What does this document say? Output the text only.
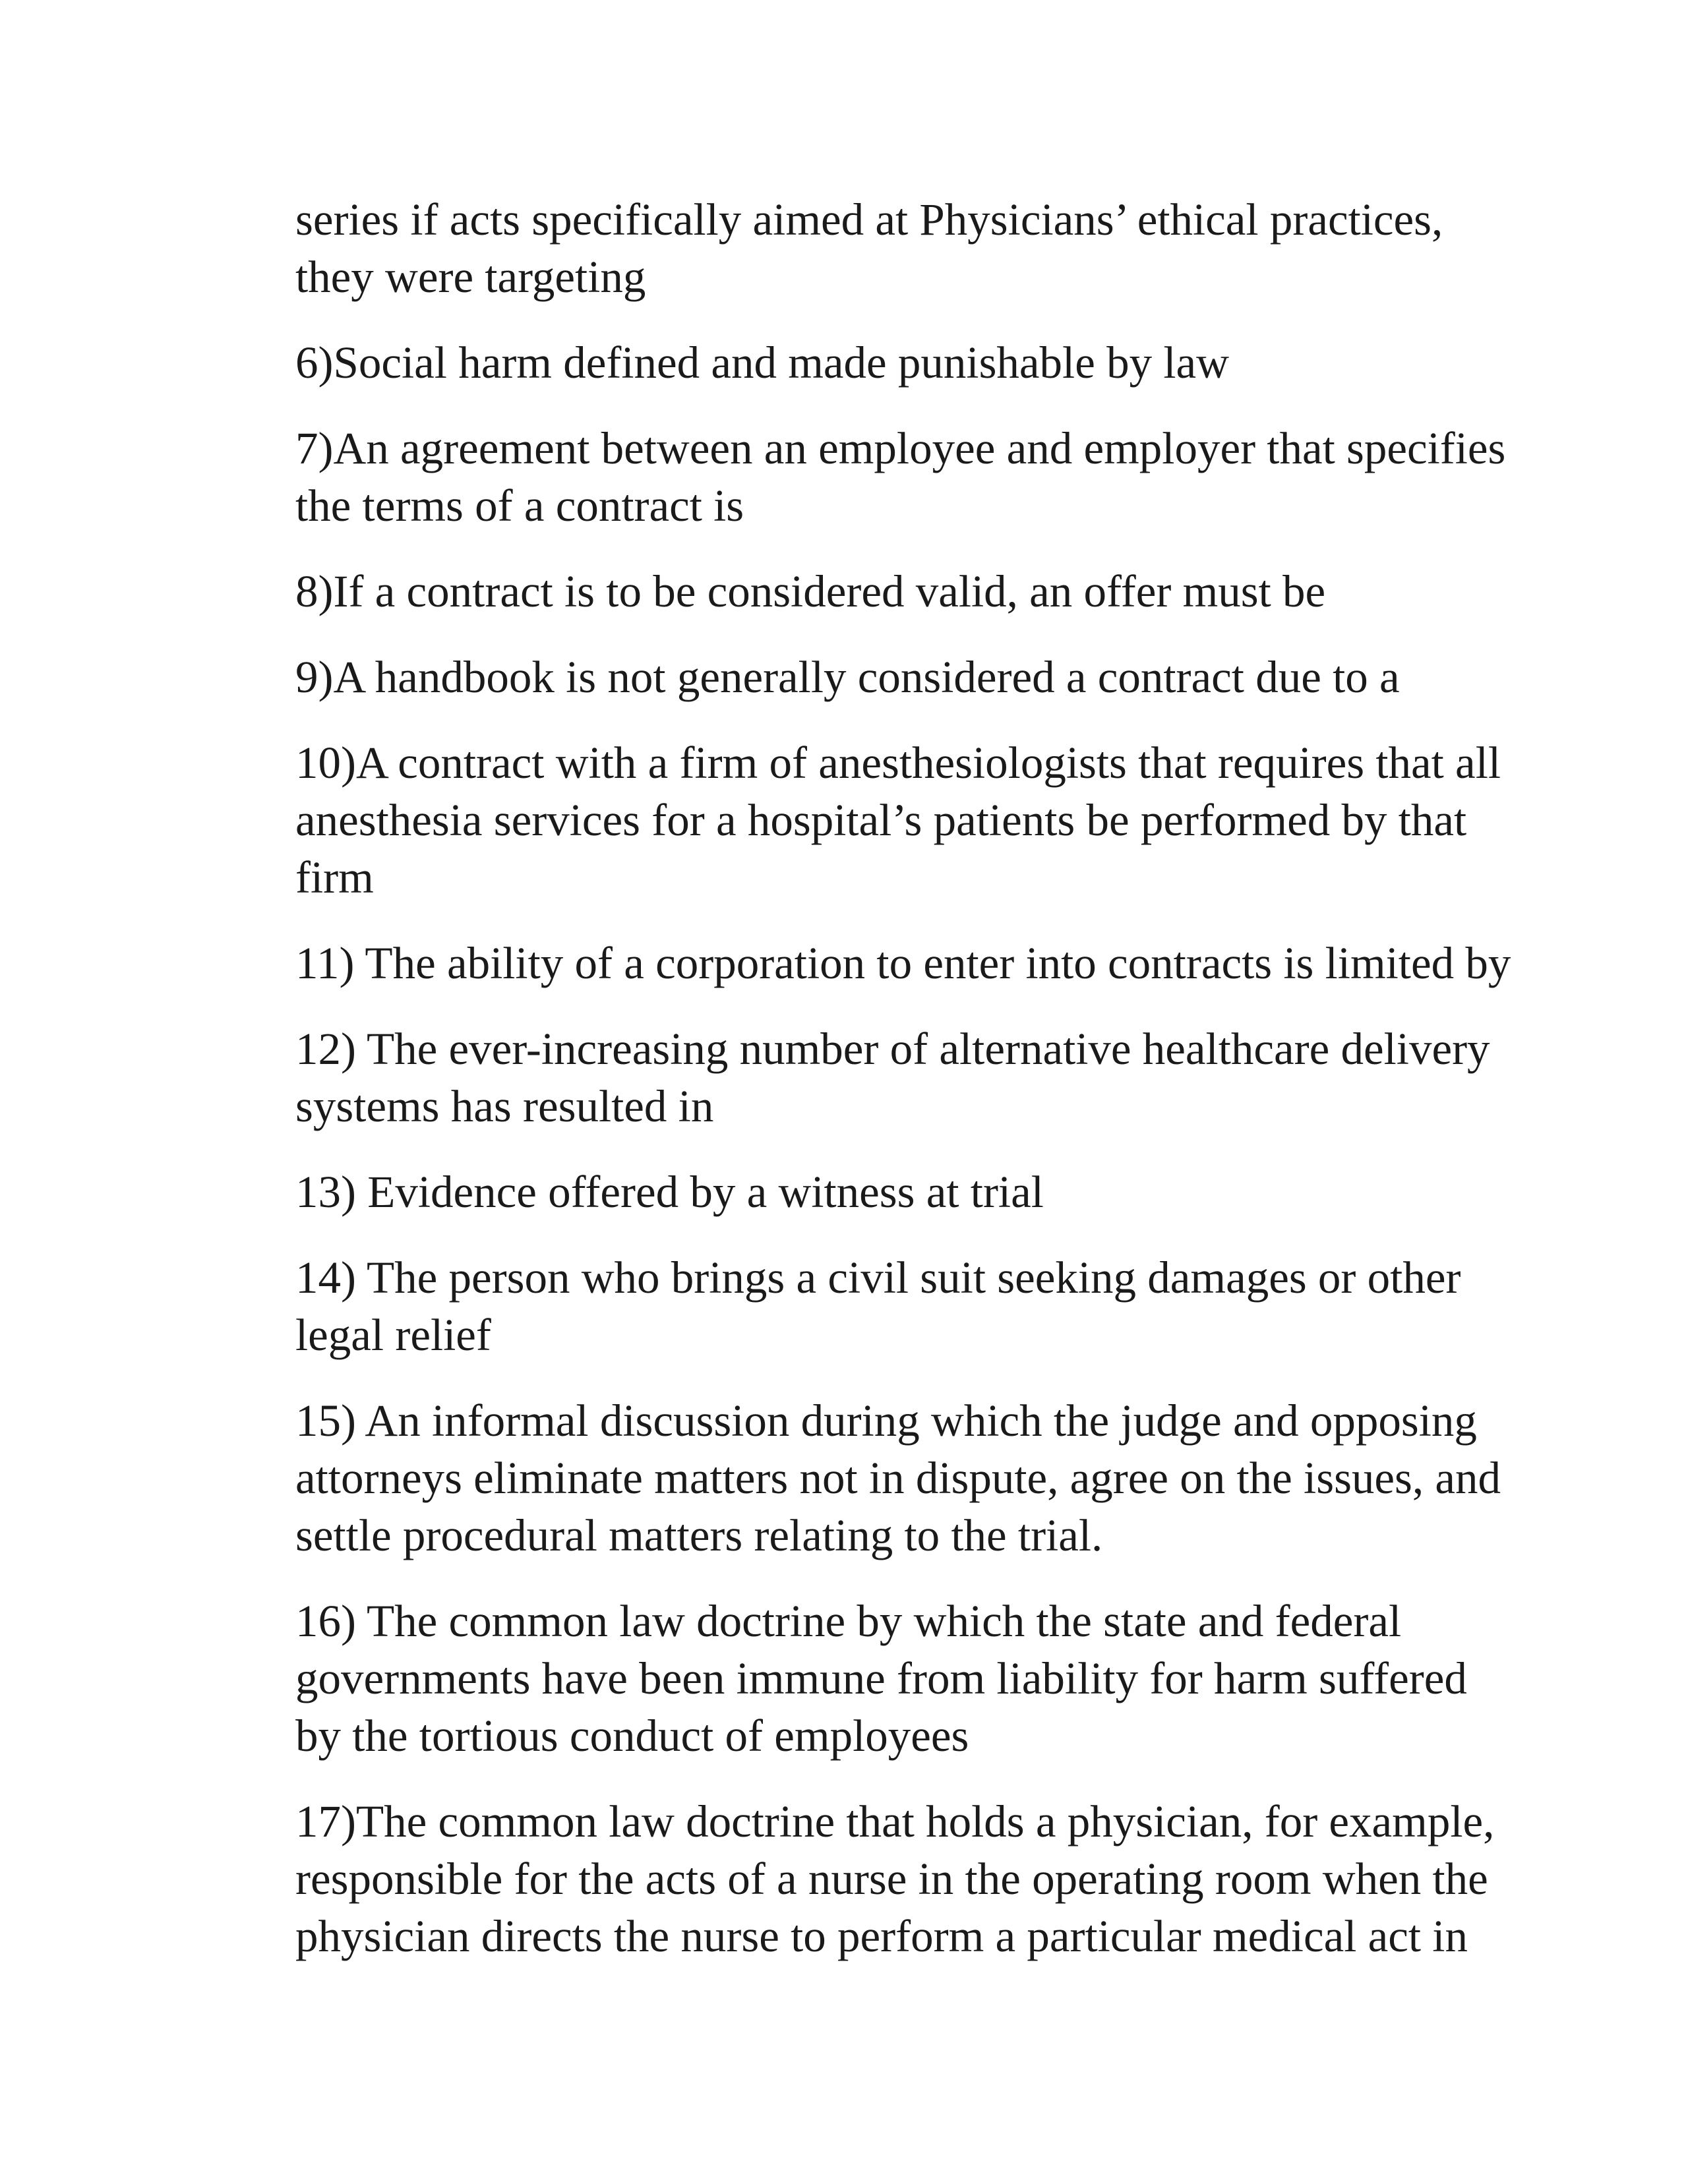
series if acts specifically aimed at Physicians’ ethical practices,
they were targeting

6)Social harm defined and made punishable by law

7)An agreement between an employee and employer that specifies
the terms of a contract is

8)If a contract is to be considered valid, an offer must be

9)A handbook is not generally considered a contract due to a

10)A contract with a firm of anesthesiologists that requires that all
anesthesia services for a hospital’s patients be performed by that
firm

11) The ability of a corporation to enter into contracts is limited by

12) The ever-increasing number of alternative healthcare delivery
systems has resulted in

13) Evidence offered by a witness at trial

14) The person who brings a civil suit seeking damages or other
legal relief

15) An informal discussion during which the judge and opposing
attorneys eliminate matters not in dispute, agree on the issues, and
settle procedural matters relating to the trial.

16) The common law doctrine by which the state and federal
governments have been immune from liability for harm suffered
by the tortious conduct of employees

17)The common law doctrine that holds a physician, for example,
responsible for the acts of a nurse in the operating room when the
physician directs the nurse to perform a particular medical act in
